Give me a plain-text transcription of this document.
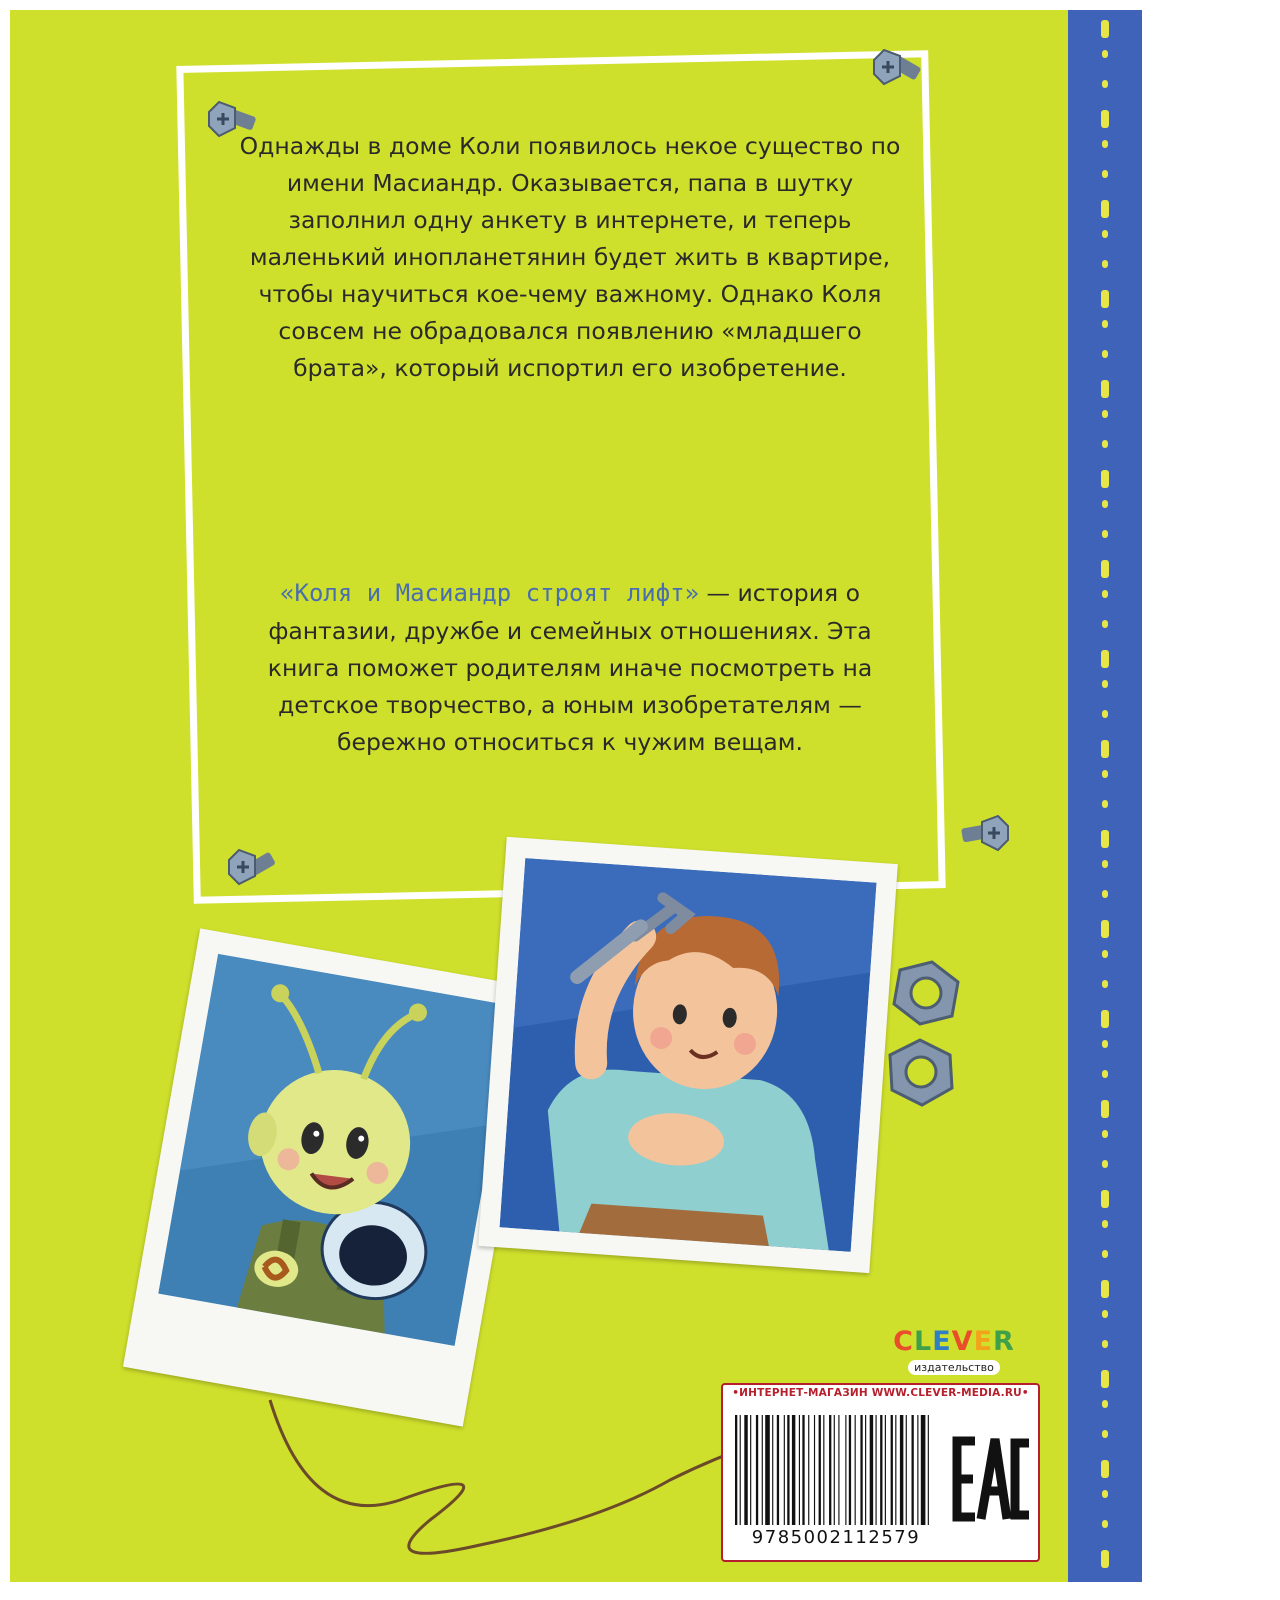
Однажды в доме Коли появилось некое существо по имени Масиандр. Оказывается, папа в шутку заполнил одну анкету в интернете, и теперь маленький инопланетянин будет жить в квартире, чтобы научиться кое-чему важному. Однако Коля совсем не обрадовался появлению «младшего брата», который испортил его изобретение.

«Коля и Масиандр строят лифт» — история о фантазии, дружбе и семейных отношениях. Эта книга поможет родителям иначе посмотреть на детское творчество, а юным изобретателям — бережно относиться к чужим вещам.

CLEVER
издательство
•ИНТЕРНЕТ-МАГАЗИН WWW.CLEVER-MEDIA.RU•
9785002112579
EAC
